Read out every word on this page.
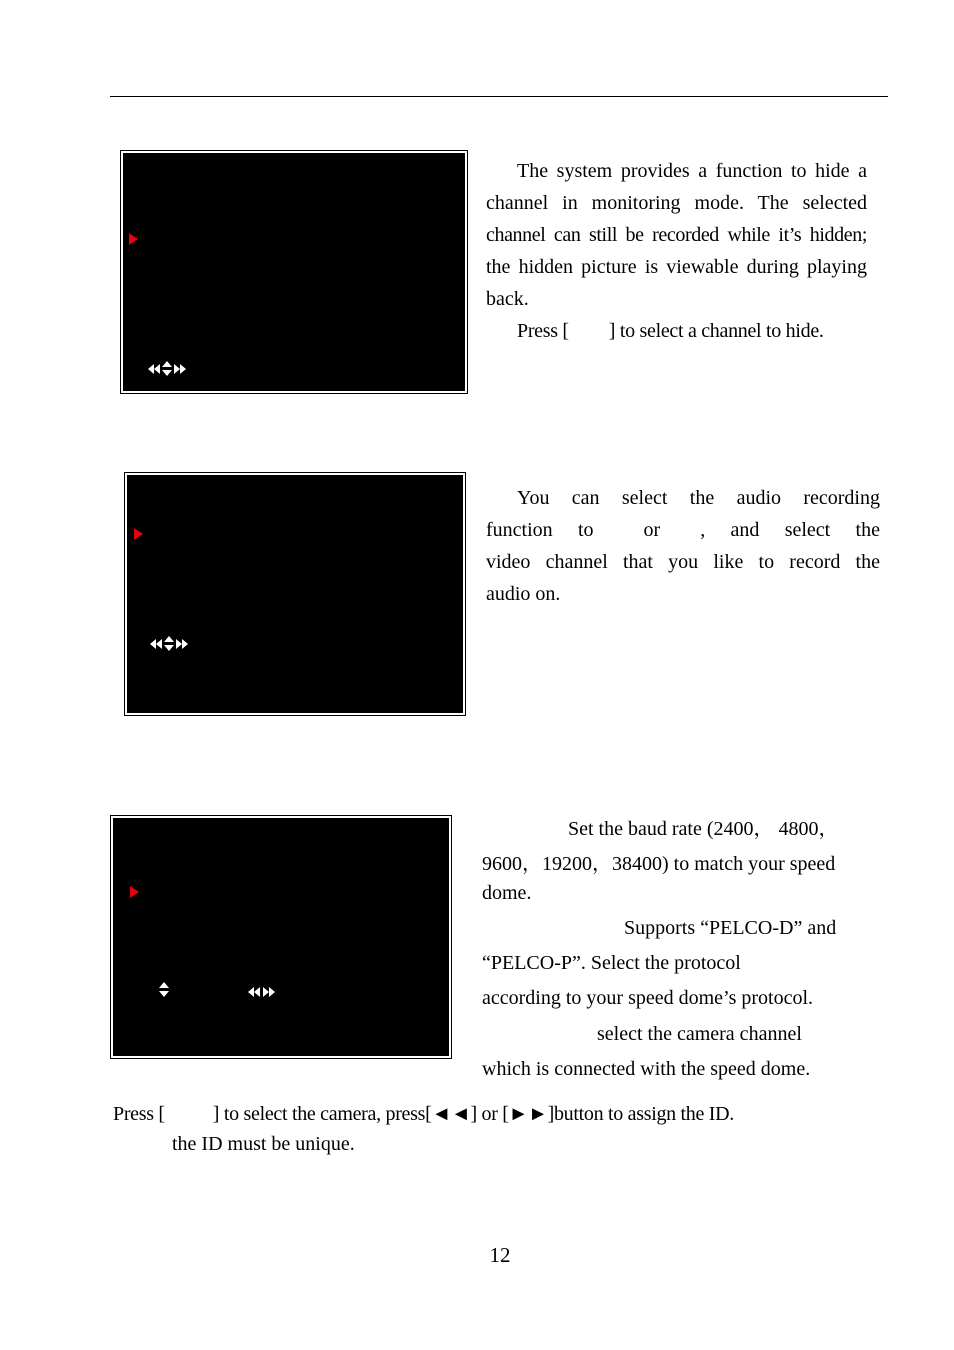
The system provides a function to hide a

channel in monitoring mode. The selected

channel can still be recorded while it’s hidden;

the hidden picture is viewable during playing

back.

Press [ ] to select a channel to hide.

You can select the audio recording

function to	or , and select the

video channel that you like to record the

audio on.

Set the baud rate (2400， 4800，
9600，19200，38400) to match your speed
dome.
Supports “PELCO-D” and
“PELCO-P”. Select the protocol
according to your speed dome’s protocol.
select the camera channel
which is connected with the speed dome.
Press [ ] to select the camera, press[◄◄] or [►►]button to assign the ID.
the ID must be unique.
12
